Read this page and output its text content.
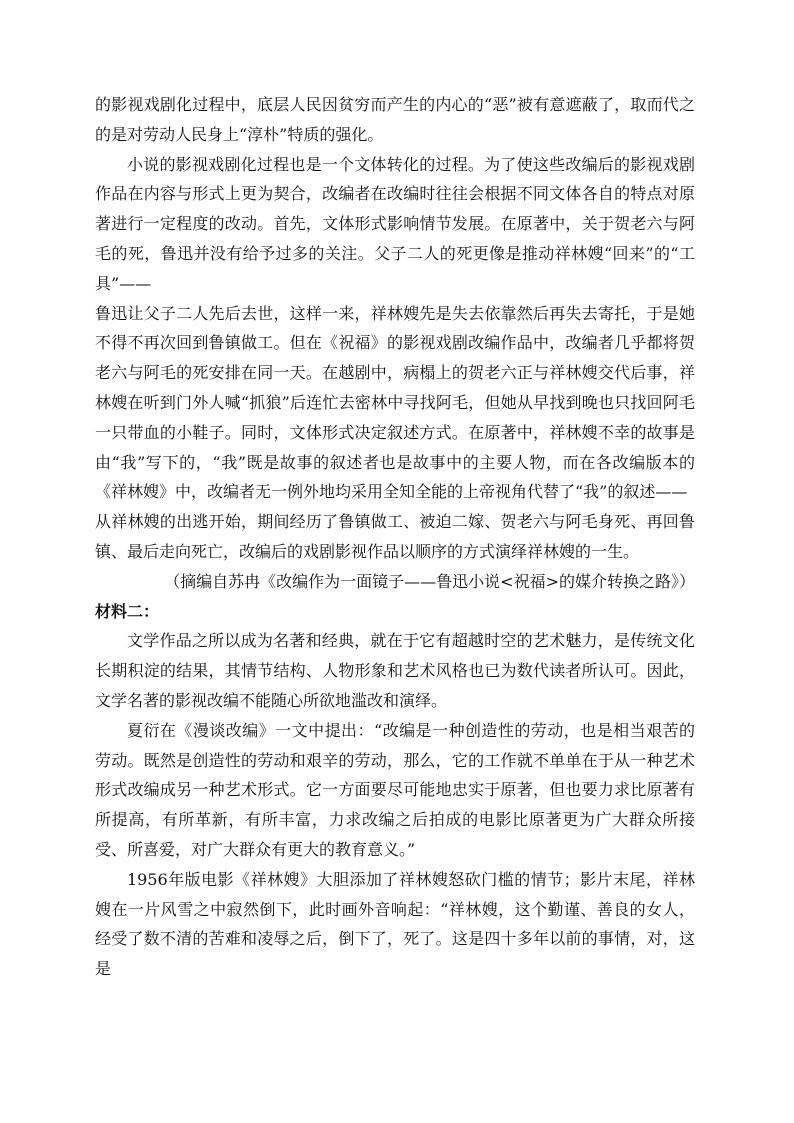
的影视戏剧化过程中，底层人民因贫穷而产生的内心的“恶”被有意遮蔽了，取而代之的是对劳动人民身上“淳朴”特质的强化。

小说的影视戏剧化过程也是一个文体转化的过程。为了使这些改编后的影视戏剧作品在内容与形式上更为契合，改编者在改编时往往会根据不同文体各自的特点对原著进行一定程度的改动。首先，文体形式影响情节发展。在原著中，关于贺老六与阿毛的死，鲁迅并没有给予过多的关注。父子二人的死更像是推动祥林嫂“回来”的“工具”——

鲁迅让父子二人先后去世，这样一来，祥林嫂先是失去依靠然后再失去寄托，于是她不得不再次回到鲁镇做工。但在《祝福》的影视戏剧改编作品中，改编者几乎都将贺老六与阿毛的死安排在同一天。在越剧中，病榻上的贺老六正与祥林嫂交代后事，祥林嫂在听到门外人喊“抓狼”后连忙去密林中寻找阿毛，但她从早找到晚也只找回阿毛一只带血的小鞋子。同时，文体形式决定叙述方式。在原著中，祥林嫂不幸的故事是由“我”写下的，“我”既是故事的叙述者也是故事中的主要人物，而在各改编版本的《祥林嫂》中，改编者无一例外地均采用全知全能的上帝视角代替了“我”的叙述——

从祥林嫂的出逃开始，期间经历了鲁镇做工、被迫二嫁、贺老六与阿毛身死、再回鲁镇、最后走向死亡，改编后的戏剧影视作品以顺序的方式演绎祥林嫂的一生。

（摘编自苏冉《改编作为一面镜子——鲁迅小说<祝福>的媒介转换之路》）

材料二：

文学作品之所以成为名著和经典，就在于它有超越时空的艺术魅力，是传统文化长期积淀的结果，其情节结构、人物形象和艺术风格也已为数代读者所认可。因此，文学名著的影视改编不能随心所欲地滥改和演绎。

夏衍在《漫谈改编》一文中提出：“改编是一种创造性的劳动，也是相当艰苦的劳动。既然是创造性的劳动和艰辛的劳动，那么，它的工作就不单单在于从一种艺术形式改编成另一种艺术形式。它一方面要尽可能地忠实于原著，但也要力求比原著有所提高，有所革新，有所丰富，力求改编之后拍成的电影比原著更为广大群众所接受、所喜爱，对广大群众有更大的教育意义。”

1956年版电影《祥林嫂》大胆添加了祥林嫂怒砍门槛的情节；影片末尾，祥林嫂在一片风雪之中寂然倒下，此时画外音响起：“祥林嫂，这个勤谨、善良的女人，经受了数不清的苦难和凌辱之后，倒下了，死了。这是四十多年以前的事情，对，这是
